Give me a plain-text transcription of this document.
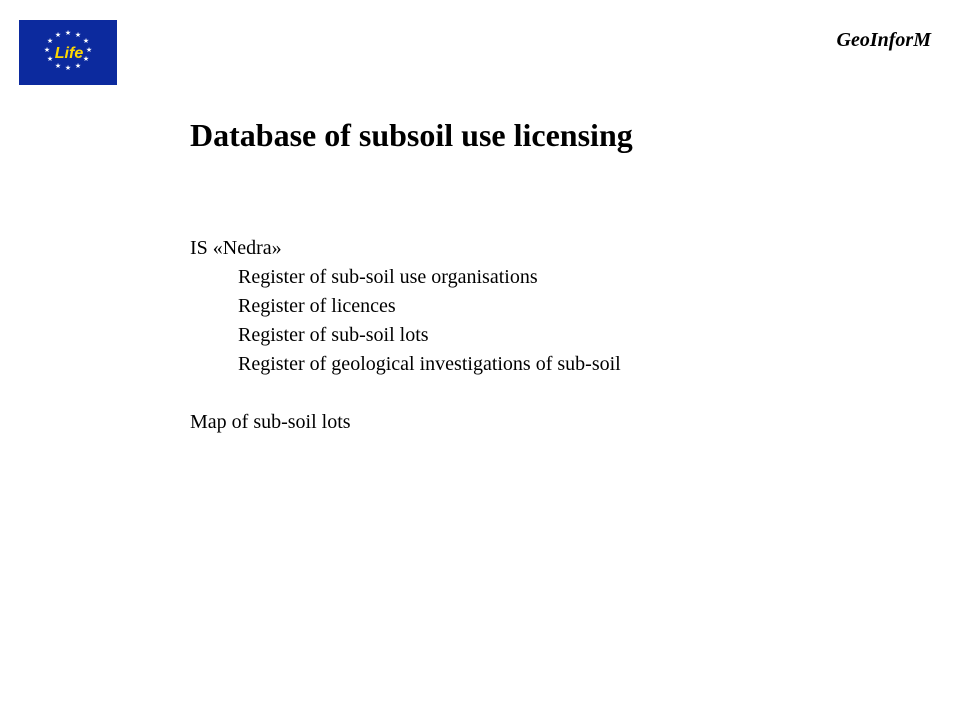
★ ★
★
★
★
★
★
★
★
★
★
★
Life
GeoInforM
Database of subsoil use licensing
IS «Nedra»
Register of sub-soil use organisations
Register of licences
Register of sub-soil lots
Register of geological investigations of sub-soil
Map of sub-soil lots
